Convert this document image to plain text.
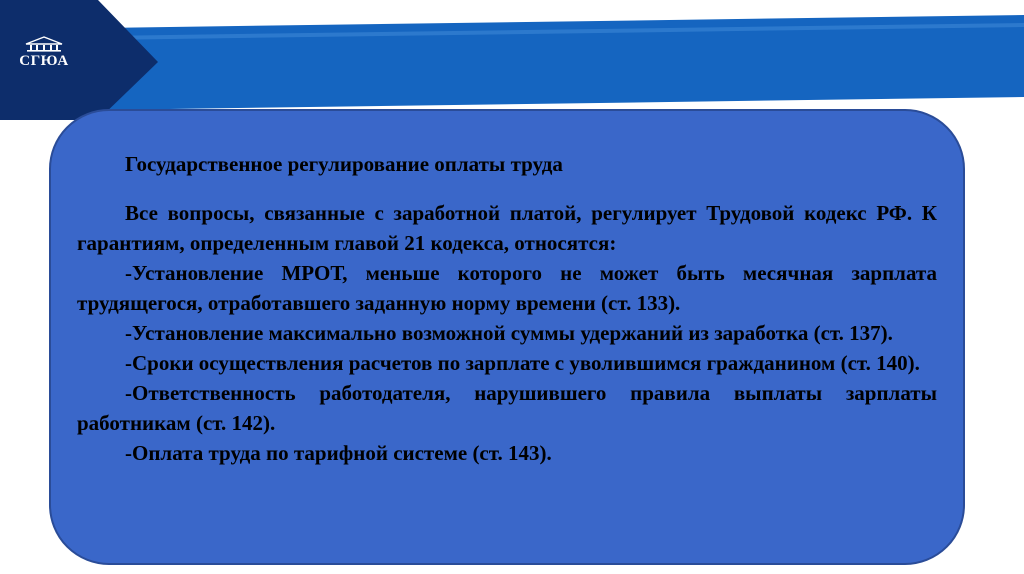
СГЮА

Государственное регулирование оплаты труда

Все вопросы, связанные с заработной платой, регулирует Трудовой кодекс РФ. К гарантиям, определенным главой 21 кодекса, относятся:

-Установление МРОТ, меньше которого не может быть месячная зарплата трудящегося, отработавшего заданную норму времени (ст. 133).

-Установление максимально возможной суммы удержаний из заработка (ст. 137).

-Сроки осуществления расчетов по зарплате с уволившимся гражданином (ст. 140).

-Ответственность работодателя, нарушившего правила выплаты зарплаты работникам (ст. 142).

-Оплата труда по тарифной системе (ст. 143).
